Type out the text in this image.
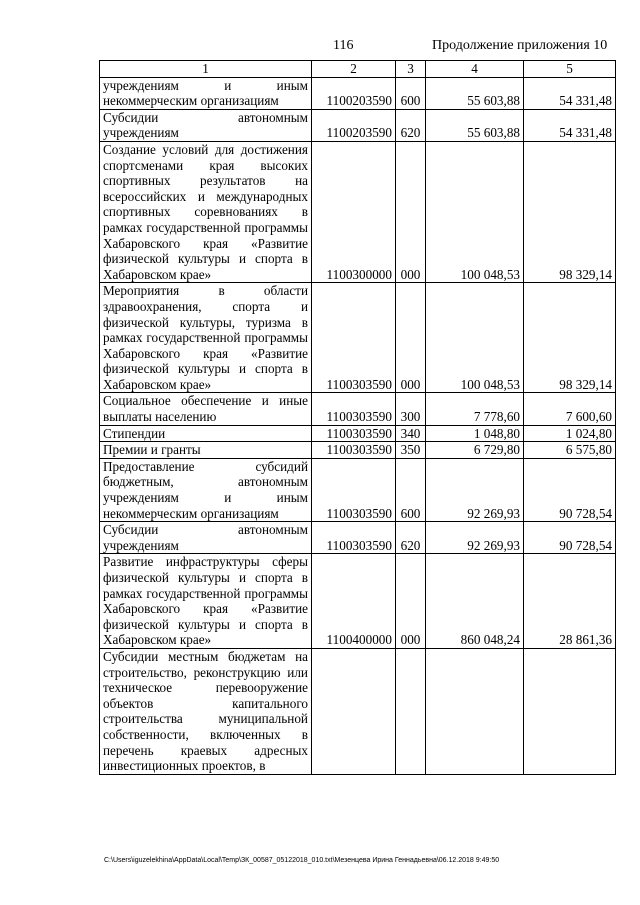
116	Продолжение приложения 10
1	2	3	4	5
учреждениям и иным некоммерческим организациям	1100203590	600	55 603,88	54 331,48
Субсидии автономным учреждениям	1100203590	620	55 603,88	54 331,48
Создание условий для достижения спортсменами края высоких спортивных результатов на всероссийских и международных спортивных соревнованиях в рамках государственной программы Хабаровского края «Развитие физической культуры и спорта в Хабаровском крае»	1100300000	000	100 048,53	98 329,14
Мероприятия в области здравоохранения, спорта и физической культуры, туризма в рамках государственной программы Хабаровского края «Развитие физической культуры и спорта в Хабаровском крае»	1100303590	000	100 048,53	98 329,14
Социальное обеспечение и иные выплаты населению	1100303590	300	7 778,60	7 600,60
Стипендии	1100303590	340	1 048,80	1 024,80
Премии и гранты	1100303590	350	6 729,80	6 575,80
Предоставление субсидий бюджетным, автономным учреждениям и иным некоммерческим организациям	1100303590	600	92 269,93	90 728,54
Субсидии автономным учреждениям	1100303590	620	92 269,93	90 728,54
Развитие инфраструктуры сферы физической культуры и спорта в рамках государственной программы Хабаровского края «Развитие физической культуры и спорта в Хабаровском крае»	1100400000	000	860 048,24	28 861,36
Субсидии местным бюджетам на строительство, реконструкцию или техническое перевооружение объектов капитального строительства муниципальной собственности, включенных в перечень краевых адресных инвестиционных проектов, в				
C:\Users\iguzelekhina\AppData\Local\Temp\ЗК_00587_05122018_010.txt\Мезенцева Ирина Геннадьевна\06.12.2018 9:49:50
